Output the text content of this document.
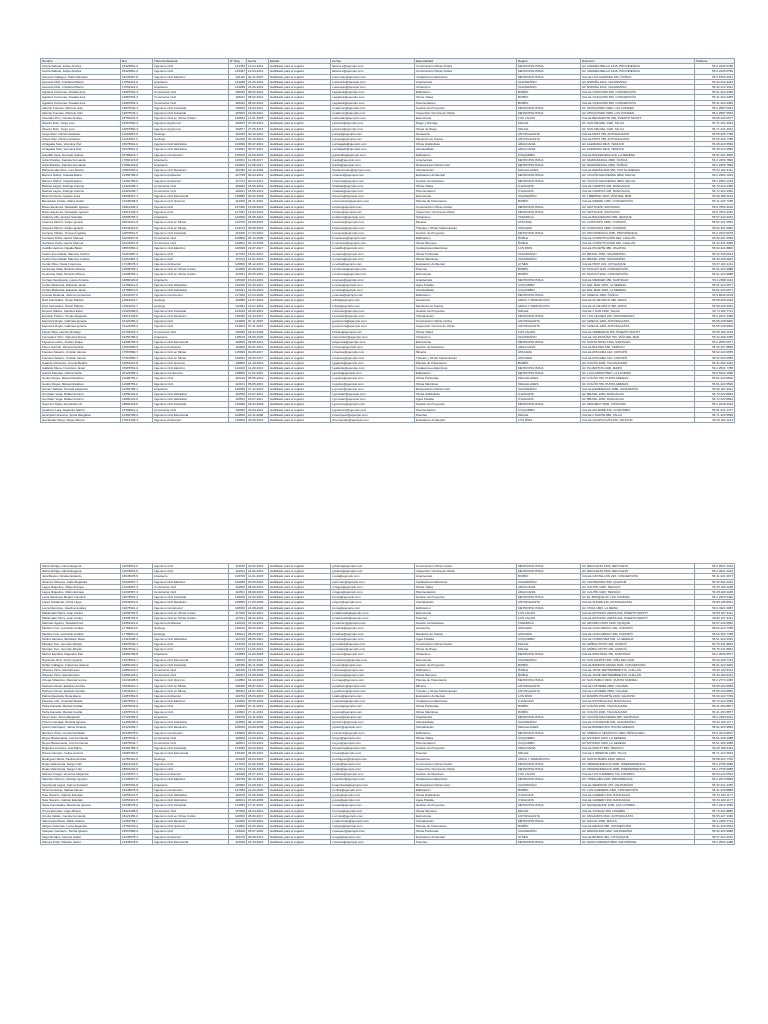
Nombre	Rut	Título Profesional	N° Reg	Fecha	Estado	Correo	Especialidad	Región	Dirección	Teléfono
Acuña Salinas, Felipe Andrés	15423891-2	Ingeniero Civil	123456	12-04-2014	Habilitado para el registro	facuna.s@ejemplo.com	Construcción Obras Civiles	METROPOLITANA	AV. ANDRÉS BELLO 1245, PROVIDENCIA	56 2 2345 6789
Acuña Salinas, Felipe Andrés	15423891-2	Ingeniero Civil	123457	12-04-2014	Habilitado para el registro	facuna.s@ejemplo.com	Construcción Obras Civiles	METROPOLITANA	AV. ANDRÉS BELLO 1245, PROVIDENCIA	56 2 2345 6789
Acevedo Gallegos, Pablo Eduardo	16234567-8	Ingeniero Civil Eléctrico	124110	03-11-2015	Habilitado para el registro	p.acevedo@ejemplo.com	Instalaciones Eléctricas	METROPOLITANA	CALLE LOS ALERCES 332, ÑUÑOA	56 9 8765 4321
Acevedo Moll, Cristóbal Alberto	17654321-0	Arquitecto	124288	21-06-2016	Habilitado para el registro	c.acevedo@ejemplo.com	Arquitectura	VALPARAÍSO	AV. ESPAÑA 2210, VALPARAÍSO	56 32 212 3344
Acevedo Moll, Cristóbal Alberto	17654321-0	Arquitecto	124289	21-06-2016	Habilitado para el registro	c.acevedo@ejemplo.com	Urbanismo	VALPARAÍSO	AV. ESPAÑA 2210, VALPARAÍSO	56 32 212 3344
Aguilera Contreras, Rosalía Inés	13987654-3	Constructor Civil	118230	08-02-2012	Habilitado para el registro	r.aguilera@ejemplo.com	Edificación	BIOBÍO	CALLE O'HIGGINS 845, CONCEPCIÓN	56 41 223 4455
Aguilera Contreras, Rosalía Inés	13987654-3	Constructor Civil	118231	08-02-2012	Habilitado para el registro	r.aguilera@ejemplo.com	Obras Viales	BIOBÍO	CALLE O'HIGGINS 845, CONCEPCIÓN	56 41 223 4455
Aguilera Contreras, Rosalía Inés	13987654-3	Constructor Civil	118232	08-02-2012	Habilitado para el registro	r.aguilera@ejemplo.com	Pavimentación	BIOBÍO	CALLE O'HIGGINS 845, CONCEPCIÓN	56 41 223 4455
Alarcón Fuentes, Marcelo Iván	12876543-1	Ingeniero Civil Industrial	115002	19-09-2011	Habilitado para el registro	m.alarcon@ejemplo.com	Gestión de Proyectos	METROPOLITANA	AV. APOQUINDO 3000, LAS CONDES	56 2 2987 6543
Alarcón Fuentes, Marcelo Iván	12876543-1	Ingeniero Civil Industrial	115003	19-09-2011	Habilitado para el registro	m.alarcon@ejemplo.com	Inspección Técnica de Obras	METROPOLITANA	AV. APOQUINDO 3000, LAS CONDES	56 2 2987 6543
Alvarado Pino, Camila Andrea	18765432-5	Ingeniero Civil en Obras Civiles	126540	14-01-2018	Habilitado para el registro	c.alvarado@ejemplo.com	Estructuras	LOS LAGOS	CALLE BENAVENTE 560, PUERTO MONTT	56 65 225 6677
Álvarez Ruiz, Jorge Luis	14567890-4	Ingeniero Agrónomo	119876	27-05-2013	Habilitado para el registro	j.alvarez@ejemplo.com	Riego y Drenaje	MAULE	AV. SAN MIGUEL 1420, TALCA	56 71 221 3344
Álvarez Ruiz, Jorge Luis	14567890-4	Ingeniero Agrónomo	119877	27-05-2013	Habilitado para el registro	j.alvarez@ejemplo.com	Obras de Riego	MAULE	AV. SAN MIGUEL 1420, TALCA	56 71 221 3344
Araya Díaz, Patricio Esteban	11234567-9	Geólogo	112345	30-10-2010	Habilitado para el registro	p.araya@ejemplo.com	Geotecnia	ANTOFAGASTA	CALLE PRAT 780, ANTOFAGASTA	56 55 226 7788
Araya Díaz, Patricio Esteban	11234567-9	Geólogo	112346	30-10-2010	Habilitado para el registro	p.araya@ejemplo.com	Mecánica de Suelos	ANTOFAGASTA	CALLE PRAT 780, ANTOFAGASTA	56 55 226 7788
Arriagada Soto, Verónica Paz	15678901-6	Ingeniero Civil Hidráulico	123990	05-07-2014	Habilitado para el registro	v.arriagada@ejemplo.com	Obras Hidráulicas	ARAUCANÍA	AV. ALEMANIA 0915, TEMUCO	56 45 224 5566
Arriagada Soto, Verónica Paz	15678901-6	Ingeniero Civil Hidráulico	123991	05-07-2014	Habilitado para el registro	v.arriagada@ejemplo.com	Alcantarillado	ARAUCANÍA	AV. ALEMANIA 0915, TEMUCO	56 45 224 5566
Astudillo Vera, Gonzalo Andrés	16789012-7	Ingeniero Constructor	125100	22-03-2016	Habilitado para el registro	g.astudillo@ejemplo.com	Edificación	COQUIMBO	CALLE BALMACEDA 410, LA SERENA	56 51 221 9900
Ávila Morales, Daniela Fernanda	17890123-8	Arquitecto	126001	11-08-2017	Habilitado para el registro	d.avila@ejemplo.com	Arquitectura	METROPOLITANA	AV. IRARRÁZAVAL 2800, ÑUÑOA	56 2 2456 7890
Ávila Morales, Daniela Fernanda	17890123-8	Arquitecto	126002	11-08-2017	Habilitado para el registro	d.avila@ejemplo.com	Restauración Patrimonial	METROPOLITANA	AV. IRARRÁZAVAL 2800, ÑUÑOA	56 2 2456 7890
Bahamondes Ríos, Luis Alberto	10987654-2	Ingeniero Civil Mecánico	110450	16-12-2009	Habilitado para el registro	l.bahamondes@ejemplo.com	Climatización	MAGALLANES	CALLE ERRÁZURIZ 950, PUNTA ARENAS	56 61 222 3311
Barrera Núñez, Claudia Elena	13456789-0	Ingeniero Ambiental	117700	09-04-2012	Habilitado para el registro	c.barrera@ejemplo.com	Evaluación Ambiental	METROPOLITANA	AV. VICUÑA MACKENNA 4860, MACUL	56 2 2354 1234
Barrera Núñez, Claudia Elena	13456789-0	Ingeniero Ambiental	117701	09-04-2012	Habilitado para el registro	c.barrera@ejemplo.com	Gestión de Residuos	METROPOLITANA	AV. VICUÑA MACKENNA 4860, MACUL	56 2 2354 1234
Bastías Lagos, Rodrigo Antonio	14321098-7	Constructor Civil	119020	18-06-2013	Habilitado para el registro	r.bastias@ejemplo.com	Obras Viales	O'HIGGINS	CALLE CAMPOS 345, RANCAGUA	56 72 223 4466
Bastías Lagos, Rodrigo Antonio	14321098-7	Constructor Civil	119021	18-06-2013	Habilitado para el registro	r.bastias@ejemplo.com	Pavimentación	O'HIGGINS	CALLE CAMPOS 345, RANCAGUA	56 72 223 4466
Becerra Torres, Ignacio José	18234567-1	Ingeniero Civil Estructural	126880	02-02-2018	Habilitado para el registro	i.becerra@ejemplo.com	Estructuras	VALPARAÍSO	AV. LIBERTAD 1100, VIÑA DEL MAR	56 32 268 1122
Benavides Cortés, Marta Isabel	12345098-6	Ingeniero Civil Químico	114300	25-11-2010	Habilitado para el registro	m.benavides@ejemplo.com	Plantas de Tratamiento	BIOBÍO	CALLE FREIRE 1250, CONCEPCIÓN	56 41 225 7788
Bravo Espinoza, Sebastián Ignacio	19012345-3	Ingeniero Civil	127450	13-09-2019	Habilitado para el registro	s.bravo@ejemplo.com	Construcción Obras Civiles	METROPOLITANA	AV. MATTA 820, SANTIAGO	56 9 7654 3210
Bravo Espinoza, Sebastián Ignacio	19012345-3	Ingeniero Civil	127451	13-09-2019	Habilitado para el registro	s.bravo@ejemplo.com	Inspección Técnica de Obras	METROPOLITANA	AV. MATTA 820, SANTIAGO	56 9 7654 3210
Cabrera Lillo, Andrea Soledad	15098765-4	Arquitecto	122900	04-05-2014	Habilitado para el registro	a.cabrera@ejemplo.com	Urbanismo	TARAPACÁ	CALLE BAQUEDANO 560, IQUIQUE	56 57 242 3344
Cáceres Muñoz, Felipe Ignacio	16543210-9	Ingeniero Civil en Minas	124700	29-08-2015	Habilitado para el registro	f.caceres@ejemplo.com	Minería	ATACAMA	AV. COPAYAPU 1880, COPIAPÓ	56 52 221 5566
Cáceres Muñoz, Felipe Ignacio	16543210-9	Ingeniero Civil en Minas	124701	29-08-2015	Habilitado para el registro	f.caceres@ejemplo.com	Túneles y Obras Subterráneas	ATACAMA	AV. COPAYAPU 1880, COPIAPÓ	56 52 221 5566
Campos Valdés, Teresa Angélica	11876543-5	Ingeniero Civil Industrial	113400	17-03-2010	Habilitado para el registro	t.campos@ejemplo.com	Gestión de Proyectos	METROPOLITANA	AV. PROVIDENCIA 1650, PROVIDENCIA	56 2 2234 5678
Carrasco Peña, Héctor Manuel	10234567-8	Constructor Civil	109800	06-10-2009	Habilitado para el registro	h.carrasco@ejemplo.com	Edificación	ÑUBLE	CALLE CONSTITUCIÓN 640, CHILLÁN	56 42 221 3399
Carrasco Peña, Héctor Manuel	10234567-8	Constructor Civil	109801	06-10-2009	Habilitado para el registro	h.carrasco@ejemplo.com	Obras Menores	ÑUBLE	CALLE CONSTITUCIÓN 640, CHILLÁN	56 42 221 3399
Castillo Herrera, Natalia Belén	18567890-2	Ingeniero Civil Eléctrico	126300	23-07-2017	Habilitado para el registro	n.castillo@ejemplo.com	Instalaciones Eléctricas	LOS RÍOS	CALLE PICARTE 980, VALDIVIA	56 63 221 8800
Castro Fuenzalida, Mauricio Andrés	13210987-4	Ingeniero Civil	117010	14-01-2012	Habilitado para el registro	m.castro@ejemplo.com	Obras Portuarias	VALPARAÍSO	AV. BRASIL 1550, VALPARAÍSO	56 32 225 6644
Castro Fuenzalida, Mauricio Andrés	13210987-4	Ingeniero Civil	117011	14-01-2012	Habilitado para el registro	m.castro@ejemplo.com	Obras Marítimas	VALPARAÍSO	AV. BRASIL 1550, VALPARAÍSO	56 32 225 6644
Cerda Ulloa, Paula Francisca	17345678-3	Ingeniero Ambiental	125800	08-12-2016	Habilitado para el registro	p.cerda@ejemplo.com	Evaluación Ambiental	AYSÉN	CALLE PRAT 210, COYHAIQUE	56 67 223 4411
Contreras Vidal, Ricardo Alfonso	12098765-1	Ingeniero Civil en Obras Civiles	114050	20-06-2010	Habilitado para el registro	r.contreras@ejemplo.com	Puentes	BIOBÍO	AV. PAICAVÍ 1120, CONCEPCIÓN	56 41 224 9988
Contreras Vidal, Ricardo Alfonso	12098765-1	Ingeniero Civil en Obras Civiles	114051	20-06-2010	Habilitado para el registro	r.contreras@ejemplo.com	Estructuras	BIOBÍO	AV. PAICAVÍ 1120, CONCEPCIÓN	56 41 224 9988
Cornejo Sepúlveda, Loreto Antonia	16890123-0	Arquitecto	125320	15-04-2016	Habilitado para el registro	l.cornejo@ejemplo.com	Arquitectura	METROPOLITANA	CALLE MERCED 450, SANTIAGO	56 2 2638 1122
Cortés Maturana, Eduardo Javier	14789012-5	Ingeniero Civil Hidráulico	120330	01-09-2013	Habilitado para el registro	e.cortes@ejemplo.com	Agua Potable	COQUIMBO	AV. DEL MAR 3400, LA SERENA	56 51 224 6677
Cortés Maturana, Eduardo Javier	14789012-5	Ingeniero Civil Hidráulico	120331	01-09-2013	Habilitado para el registro	e.cortes@ejemplo.com	Alcantarillado	COQUIMBO	AV. DEL MAR 3400, LA SERENA	56 51 224 6677
Cuevas Retamal, Javiera Constanza	19234567-6	Ingeniero Constructor	127900	10-03-2020	Habilitado para el registro	j.cuevas@ejemplo.com	Edificación	METROPOLITANA	AV. GRECIA 1900, ÑUÑOA	56 9 6543 2109
Díaz Fernández, Óscar Patricio	11543210-7	Geólogo	112980	12-07-2010	Habilitado para el registro	o.diaz@ejemplo.com	Geotecnia	ARICA Y PARINACOTA	CALLE 21 DE MAYO 390, ARICA	56 58 225 3344
Díaz Fernández, Óscar Patricio	11543210-7	Geólogo	112981	12-07-2010	Habilitado para el registro	o.diaz@ejemplo.com	Mecánica de Suelos	ARICA Y PARINACOTA	CALLE 21 DE MAYO 390, ARICA	56 58 225 3344
Donoso Ibáñez, Carolina Ester	15321098-9	Ingeniero Civil Industrial	123210	26-02-2014	Habilitado para el registro	c.donoso@ejemplo.com	Gestión de Proyectos	MAULE	CALLE 1 SUR 1290, TALCA	56 71 222 7711
Escobar Pizarro, Tomás Alejandro	18012345-8	Ingeniero Civil Mecánico	126450	19-10-2017	Habilitado para el registro	t.escobar@ejemplo.com	Climatización	METROPOLITANA	AV. LOS LEONES 220, PROVIDENCIA	56 2 2231 4455
Espinoza Rojas, Gabriela Ignacia	16123456-2	Ingeniero Civil	124900	07-11-2015	Habilitado para el registro	g.espinoza@ejemplo.com	Construcción Obras Civiles	ANTOFAGASTA	AV. GRECIA 1200, ANTOFAGASTA	56 55 228 9900
Espinoza Rojas, Gabriela Ignacia	16123456-2	Ingeniero Civil	124901	07-11-2015	Habilitado para el registro	g.espinoza@ejemplo.com	Inspección Técnica de Obras	ANTOFAGASTA	AV. GRECIA 1200, ANTOFAGASTA	56 55 228 9900
Farías Silva, Hernán Rodrigo	10765432-1	Constructor Civil	110020	28-04-2009	Habilitado para el registro	h.farias@ejemplo.com	Obras Viales	LOS LAGOS	CALLE URMENETA 455, PUERTO MONTT	56 65 226 1133
Fernández Ortiz, Valentina Rocío	19456789-0	Arquitecto	128100	18-06-2020	Habilitado para el registro	v.fernandez@ejemplo.com	Urbanismo	VALPARAÍSO	CALLE VALPARAÍSO 700, VIÑA DEL MAR	56 32 269 4455
Figueroa Lobos, Andrés Felipe	14098765-3	Ingeniero Civil Estructural	119500	09-08-2013	Habilitado para el registro	a.figueroa@ejemplo.com	Estructuras	METROPOLITANA	AV. SANTA ROSA 1300, SANTIAGO	56 2 2555 6677
Flores Garrido, Mónica Patricia	12567890-5	Ingeniero Ambiental	114800	30-01-2011	Habilitado para el registro	m.flores@ejemplo.com	Gestión de Residuos	ARAUCANÍA	CALLE BULNES 560, TEMUCO	56 45 227 8899
Fuentes Navarro, Cristián Alonso	17567890-7	Ingeniero Civil en Minas	125990	03-05-2017	Habilitado para el registro	c.fuentes@ejemplo.com	Minería	ATACAMA	CALLE ATACAMA 410, COPIAPÓ	56 52 223 6655
Fuentes Navarro, Cristián Alonso	17567890-7	Ingeniero Civil en Minas	125991	03-05-2017	Habilitado para el registro	c.fuentes@ejemplo.com	Túneles y Obras Subterráneas	ATACAMA	CALLE ATACAMA 410, COPIAPÓ	56 52 223 6655
Gajardo Cifuentes, Lorena Beatriz	13654321-8	Ingeniero Civil Químico	118800	21-10-2012	Habilitado para el registro	l.gajardo@ejemplo.com	Plantas de Tratamiento	BIOBÍO	AV. COLÓN 3200, TALCAHUANO	56 41 254 3322
Gallardo Mena, Francisco Javier	15987654-0	Ingeniero Civil Eléctrico	124020	14-09-2014	Habilitado para el registro	f.gallardo@ejemplo.com	Instalaciones Eléctricas	METROPOLITANA	AV. PAJARITOS 2400, MAIPÚ	56 2 2531 7788
García Paredes, Isidora Sofía	20123456-4	Ingeniero Constructor	128600	11-02-2021	Habilitado para el registro	i.garcia@ejemplo.com	Edificación	METROPOLITANA	AV. LA FLORIDA 9500, LA FLORIDA	56 9 5432 1098
Godoy Reyes, Manuel Esteban	11098765-2	Ingeniero Civil	112100	05-05-2010	Habilitado para el registro	m.godoy@ejemplo.com	Obras Portuarias	MAGALLANES	AV. COLÓN 780, PUNTA ARENAS	56 61 224 5500
Godoy Reyes, Manuel Esteban	11098765-2	Ingeniero Civil	112101	05-05-2010	Habilitado para el registro	m.godoy@ejemplo.com	Obras Marítimas	MAGALLANES	AV. COLÓN 780, PUNTA ARENAS	56 61 224 5500
Gómez Salazar, Pamela Alejandra	16456789-1	Arquitecto	125050	27-12-2015	Habilitado para el registro	p.gomez@ejemplo.com	Restauración Patrimonial	VALPARAÍSO	CALLE ESMERALDA 1080, VALPARAÍSO	56 32 221 9911
González Vega, Rafael Antonio	12890123-6	Ingeniero Civil Hidráulico	115500	16-07-2011	Habilitado para el registro	r.gonzalez@ejemplo.com	Obras Hidráulicas	O'HIGGINS	AV. BRASIL 1050, RANCAGUA	56 72 222 8844
González Vega, Rafael Antonio	12890123-6	Ingeniero Civil Hidráulico	115501	16-07-2011	Habilitado para el registro	r.gonzalez@ejemplo.com	Agua Potable	O'HIGGINS	AV. BRASIL 1050, RANCAGUA	56 72 222 8844
Guerrero Tapia, Fernanda Luz	18890123-9	Ingeniero Civil Industrial	126990	04-04-2018	Habilitado para el registro	f.guerrero@ejemplo.com	Gestión de Proyectos	METROPOLITANA	AV. KENNEDY 5600, VITACURA	56 2 2218 3344
Gutiérrez Lara, Alejandro Martín	13789012-2	Constructor Civil	118050	23-03-2012	Habilitado para el registro	a.gutierrez@ejemplo.com	Pavimentación	COQUIMBO	CALLE AGUIRRE 330, COQUIMBO	56 51 231 4477
Henríquez Aravena, Sonia Margarita	10456789-3	Ingeniero Civil Estructural	109500	10-11-2008	Habilitado para el registro	s.henriquez@ejemplo.com	Puentes	MAULE	CALLE 2 NORTE 880, TALCA	56 71 223 5599
Hernández Moya, Diego Alberto	17012345-4	Ingeniero Ambiental	125600	29-09-2016	Habilitado para el registro	d.hernandez@ejemplo.com	Evaluación Ambiental	LOS RÍOS	CALLE CAUPOLICÁN 450, VALDIVIA	56 63 222 1144
Ibarra Zúñiga, Gloria Eugenia	11678901-0	Ingeniero Civil	113010	22-02-2010	Habilitado para el registro	g.ibarra@ejemplo.com	Construcción Obras Civiles	METROPOLITANA	AV. RECOLETA 1500, RECOLETA	56 2 2621 3344
Ibarra Zúñiga, Gloria Eugenia	11678901-0	Ingeniero Civil	113011	22-02-2010	Habilitado para el registro	g.ibarra@ejemplo.com	Inspección Técnica de Obras	METROPOLITANA	AV. RECOLETA 1500, RECOLETA	56 2 2621 3344
Jara Bustos, Nicolás Eduardo	18345678-5	Arquitecto	126700	12-01-2018	Habilitado para el registro	n.jara@ejemplo.com	Arquitectura	BIOBÍO	CALLE CASTELLÓN 230, CONCEPCIÓN	56 41 221 6677
Jiménez Olivares, Carla Alejandra	15234567-7	Ingeniero Civil Eléctrico	123050	30-03-2014	Habilitado para el registro	c.jimenez@ejemplo.com	Instalaciones Eléctricas	VALPARAÍSO	AV. VALPARAÍSO 560, QUILPUÉ	56 32 291 2233
Lagos Riquelme, Mario Enrique	12234567-3	Constructor Civil	114500	08-09-2010	Habilitado para el registro	m.lagos@ejemplo.com	Obras Viales	ARAUCANÍA	AV. CAUTÍN 1400, TEMUCO	56 45 229 1188
Lagos Riquelme, Mario Enrique	12234567-3	Constructor Civil	114501	08-09-2010	Habilitado para el registro	m.lagos@ejemplo.com	Pavimentación	ARAUCANÍA	AV. CAUTÍN 1400, TEMUCO	56 45 229 1188
Leiva Sandoval, Beatriz Carolina	16678901-3	Ingeniero Civil Industrial	125200	19-02-2016	Habilitado para el registro	b.leiva@ejemplo.com	Gestión de Proyectos	METROPOLITANA	AV. EL BOSQUE 90, LAS CONDES	56 2 2333 4499
López Cárdenas, Víctor Hugo	10543210-6	Ingeniero Civil Mecánico	109950	17-05-2009	Habilitado para el registro	v.lopez@ejemplo.com	Climatización	ANTOFAGASTA	CALLE SUCRE 440, ANTOFAGASTA	56 55 225 8811
Lorca Mendoza, Josefina Andrea	19678901-2	Ingeniero Constructor	128300	24-08-2020	Habilitado para el registro	j.lorca@ejemplo.com	Edificación	METROPOLITANA	AV. OSSA 1800, LA REINA	56 9 4321 0987
Maldonado Parra, Juan Carlos	13098765-5	Ingeniero Civil en Obras Civiles	117300	03-02-2012	Habilitado para el registro	j.maldonado@ejemplo.com	Estructuras	LOS LAGOS	CALLE ANTONIO VARAS 620, PUERTO MONTT	56 65 227 3311
Maldonado Parra, Juan Carlos	13098765-5	Ingeniero Civil en Obras Civiles	117301	03-02-2012	Habilitado para el registro	j.maldonado@ejemplo.com	Puentes	LOS LAGOS	CALLE ANTONIO VARAS 620, PUERTO MONTT	56 65 227 3311
Martínez Aguirre, Soledad Inés	14654321-0	Ingeniero Ambiental	120100	15-10-2013	Habilitado para el registro	s.martinez@ejemplo.com	Gestión de Residuos	TARAPACÁ	AV. ARTURO PRAT 2100, IQUIQUE	56 57 243 5566
Medina Cruz, Leonardo Andrés	17789012-6	Geólogo	126100	06-03-2017	Habilitado para el registro	l.medina@ejemplo.com	Geotecnia	ATACAMA	CALLE CHACABUCO 330, COPIAPÓ	56 52 224 7788
Medina Cruz, Leonardo Andrés	17789012-6	Geólogo	126101	06-03-2017	Habilitado para el registro	l.medina@ejemplo.com	Mecánica de Suelos	ATACAMA	CALLE CHACABUCO 330, COPIAPÓ	56 52 224 7788
Molina Santana, Elizabeth Rosa	11321098-4	Ingeniero Civil Hidráulico	112700	28-06-2010	Habilitado para el registro	e.molina@ejemplo.com	Agua Potable	COQUIMBO	CALLE CORDOVEZ 540, LA SERENA	56 51 222 4433
Morales Toro, Germán Alfredo	15876543-1	Ingeniero Civil	123700	11-06-2014	Habilitado para el registro	g.morales@ejemplo.com	Construcción Obras Civiles	MAULE	AV. ANÍBAL PINTO 200, CURICÓ	56 75 231 8822
Morales Toro, Germán Alfredo	15876543-1	Ingeniero Civil	123701	11-06-2014	Habilitado para el registro	g.morales@ejemplo.com	Obras de Riego	MAULE	AV. ANÍBAL PINTO 200, CURICÓ	56 75 231 8822
Muñoz Escobar, Alejandra Paz	18456789-8	Arquitecto	126850	21-03-2018	Habilitado para el registro	a.munoz@ejemplo.com	Urbanismo	METROPOLITANA	CALLE MONJITAS 760, SANTIAGO	56 2 2639 5577
Navarrete Ruiz, Pedro Ignacio	12678901-7	Ingeniero Civil Estructural	115100	09-03-2011	Habilitado para el registro	p.navarrete@ejemplo.com	Estructuras	VALPARAÍSO	AV. SAN MARTÍN 350, VIÑA DEL MAR	56 32 268 7744
Núñez Gallegos, Francisca Javiera	19890123-4	Ingeniero Civil Industrial	128450	30-11-2020	Habilitado para el registro	f.nunez@ejemplo.com	Gestión de Proyectos	BIOBÍO	CALLE BARROS ARANA 1020, CONCEPCIÓN	56 41 222 3300
Olivares Pinto, Raúl Ernesto	10890123-2	Constructor Civil	110300	14-08-2009	Habilitado para el registro	r.olivares@ejemplo.com	Edificación	ÑUBLE	CALLE 18 DE SEPTIEMBRE 570, CHILLÁN	56 42 222 6611
Olivares Pinto, Raúl Ernesto	10890123-2	Constructor Civil	110301	14-08-2009	Habilitado para el registro	r.olivares@ejemplo.com	Obras Menores	ÑUBLE	CALLE 18 DE SEPTIEMBRE 570, CHILLÁN	56 42 222 6611
Ortega Villalobos, Marcela Ivonne	16234098-5	Ingeniero Civil Químico	124850	02-10-2015	Habilitado para el registro	m.ortega@ejemplo.com	Plantas de Tratamiento	METROPOLITANA	AV. SAN PABLO 3900, QUINTA NORMAL	56 2 2773 4455
Pacheco Rivas, Esteban Andrés	13543210-1	Ingeniero Civil en Minas	118400	18-07-2012	Habilitado para el registro	e.pacheco@ejemplo.com	Minería	ANTOFAGASTA	CALLE LATORRE 2500, CALAMA	56 55 234 5566
Pacheco Rivas, Esteban Andrés	13543210-1	Ingeniero Civil en Minas	118401	18-07-2012	Habilitado para el registro	e.pacheco@ejemplo.com	Túneles y Obras Subterráneas	ANTOFAGASTA	CALLE LATORRE 2500, CALAMA	56 55 234 5566
Palma Quezada, Rosa Elena	11987654-6	Ingeniero Ambiental	113700	25-04-2010	Habilitado para el registro	r.palma@ejemplo.com	Evaluación Ambiental	LOS RÍOS	AV. RAMÓN PICARTE 2100, VALDIVIA	56 63 223 7799
Paredes Lillo, Cristóbal Matías	18678901-1	Ingeniero Civil Eléctrico	126920	09-05-2018	Habilitado para el registro	c.paredes@ejemplo.com	Instalaciones Eléctricas	O'HIGGINS	CALLE ASTORGA 610, RANCAGUA	56 72 224 3355
Peña Araneda, Marisol Cecilia	14876543-9	Ingeniero Civil	120600	27-11-2013	Habilitado para el registro	m.pena@ejemplo.com	Obras Portuarias	BIOBÍO	AV. COLÓN 1900, TALCAHUANO	56 41 254 8877
Peña Araneda, Marisol Cecilia	14876543-9	Ingeniero Civil	120601	27-11-2013	Habilitado para el registro	m.pena@ejemplo.com	Obras Marítimas	BIOBÍO	AV. COLÓN 1900, TALCAHUANO	56 41 254 8877
Pérez Soto, Arturo Benjamín	17123456-8	Arquitecto	125700	14-11-2016	Habilitado para el registro	a.perez@ejemplo.com	Arquitectura	METROPOLITANA	AV. VICUÑA MACKENNA 920, SANTIAGO	56 2 2634 2211
Pizarro Carvajal, Daniela Ignacia	12456098-2	Ingeniero Civil Hidráulico	114650	06-12-2010	Habilitado para el registro	d.pizarro@ejemplo.com	Alcantarillado	VALPARAÍSO	CALLE COCHRANE 840, VALPARAÍSO	56 32 225 1177
Quiroz Henríquez, Jaime Octavio	10123456-7	Ingeniero Civil Mecánico	109300	19-09-2008	Habilitado para el registro	j.quiroz@ejemplo.com	Climatización	MAGALLANES	CALLE BORIES 650, PUNTA ARENAS	56 61 224 9933
Ramírez Ávila, Constanza Belén	20345678-0	Ingeniero Constructor	128900	08-04-2021	Habilitado para el registro	c.ramirez@ejemplo.com	Edificación	METROPOLITANA	AV. AMÉRICO VESPUCIO 1500, PEÑALOLÉN	56 9 3210 9876
Reyes Bustamante, Luis Fernando	13876543-7	Constructor Civil	118600	12-09-2012	Habilitado para el registro	l.reyes@ejemplo.com	Obras Viales	COQUIMBO	AV. ESTADIO 1000, LA SERENA	56 51 225 3388
Reyes Bustamante, Luis Fernando	13876543-7	Constructor Civil	118601	12-09-2012	Habilitado para el registro	l.reyes@ejemplo.com	Pavimentación	COQUIMBO	AV. ESTADIO 1000, LA SERENA	56 51 225 3388
Riquelme Fuentes, Ana María	15456789-3	Ingeniero Civil Industrial	123350	20-04-2014	Habilitado para el registro	a.riquelme@ejemplo.com	Gestión de Proyectos	ARAUCANÍA	CALLE MONTT 880, TEMUCO	56 45 228 4411
Rivera Campos, Felipe Antonio	16987654-5	Ingeniero Civil Estructural	125400	05-05-2016	Habilitado para el registro	f.rivera@ejemplo.com	Puentes	MAULE	CALLE 4 ORIENTE 1150, TALCA	56 71 224 6633
Rodríguez Meza, Paulina Andrea	11765432-9	Geólogo	113200	01-04-2010	Habilitado para el registro	p.rodriguez@ejemplo.com	Geotecnia	ARICA Y PARINACOTA	AV. SANTA MARÍA 2200, ARICA	56 58 224 7700
Rojas Valenzuela, Sergio Iván	18901234-6	Ingeniero Civil	127100	16-06-2018	Habilitado para el registro	s.rojas@ejemplo.com	Construcción Obras Civiles	METROPOLITANA	AV. INDEPENDENCIA 1800, INDEPENDENCIA	56 2 2735 6688
Rojas Valenzuela, Sergio Iván	18901234-6	Ingeniero Civil	127101	16-06-2018	Habilitado para el registro	s.rojas@ejemplo.com	Inspección Técnica de Obras	METROPOLITANA	AV. INDEPENDENCIA 1800, INDEPENDENCIA	56 2 2735 6688
Salinas Ortega, Verónica Alejandra	14234567-1	Ingeniero Ambiental	119300	24-07-2013	Habilitado para el registro	v.salinas@ejemplo.com	Gestión de Residuos	LOS LAGOS	CALLE LOS CARRERA 730, OSORNO	56 64 223 5522
Sánchez Moreno, Rodrigo Ignacio	17234567-0	Ingeniero Civil Eléctrico	125750	02-12-2016	Habilitado para el registro	r.sanchez@ejemplo.com	Instalaciones Eléctricas	METROPOLITANA	AV. TOBALABA 2300, PROVIDENCIA	56 2 2274 8899
Sepúlveda Lagos, Karina Soledad	12987654-8	Arquitecto	115800	13-08-2011	Habilitado para el registro	k.sepulveda@ejemplo.com	Restauración Patrimonial	VALPARAÍSO	CALLE SERRANO 470, VALPARAÍSO	56 32 221 4455
Silva Contreras, Matías Alonso	19345678-9	Ingeniero Constructor	127950	21-04-2020	Habilitado para el registro	m.silva@ejemplo.com	Edificación	BIOBÍO	AV. LOS CARRERA 1400, CONCEPCIÓN	56 41 223 8866
Soto Navarro, Gabriel Esteban	10654321-5	Ingeniero Civil Hidráulico	110100	07-06-2009	Habilitado para el registro	g.soto@ejemplo.com	Obras Hidráulicas	O'HIGGINS	CALLE GAMERO 330, RANCAGUA	56 72 223 1177
Soto Navarro, Gabriel Esteban	10654321-5	Ingeniero Civil Hidráulico	110101	07-06-2009	Habilitado para el registro	g.soto@ejemplo.com	Agua Potable	O'HIGGINS	CALLE GAMERO 330, RANCAGUA	56 72 223 1177
Tapia Fuentealba, Macarena Ignacia	16345678-6	Ingeniero Civil Industrial	124950	17-11-2015	Habilitado para el registro	m.tapia@ejemplo.com	Gestión de Proyectos	METROPOLITANA	AV. MANQUEHUE 1200, LAS CONDES	56 2 2212 3366
Torres Escobar, Hugo Alberto	13321098-0	Constructor Civil	117500	26-04-2012	Habilitado para el registro	h.torres@ejemplo.com	Obras Menores	MAULE	CALLE YUNGAY 450, LINARES	56 73 221 8855
Urrutia Valdés, Camila Fernanda	18123456-0	Ingeniero Civil en Obras Civiles	126500	28-09-2017	Habilitado para el registro	c.urrutia@ejemplo.com	Estructuras	ANTOFAGASTA	AV. ANGAMOS 0610, ANTOFAGASTA	56 55 227 4466
Valenzuela Rivas, Pablo Andrés	11456789-1	Ingeniero Civil Mecánico	112900	10-06-2010	Habilitado para el registro	p.valenzuela@ejemplo.com	Climatización	METROPOLITANA	AV. MACUL 2900, MACUL	56 2 2293 7711
Vargas Cisternas, Lucía Alejandra	15765432-2	Ingeniero Civil Químico	123800	22-06-2014	Habilitado para el registro	l.vargas@ejemplo.com	Plantas de Tratamiento	BIOBÍO	CALLE RENGO 980, CONCEPCIÓN	56 41 226 5544
Vásquez Carrasco, Tomás Ignacio	19567890-3	Ingeniero Civil	128200	05-07-2020	Habilitado para el registro	t.vasquez@ejemplo.com	Obras Portuarias	VALPARAÍSO	AV. ERRÁZURIZ 1200, VALPARAÍSO	56 32 225 9988
Vega Morales, Antonia Isabel	14345678-4	Ingeniero Ambiental	119700	30-08-2013	Habilitado para el registro	a.vega@ejemplo.com	Evaluación Ambiental	AYSÉN	CALLE BILBAO 450, COYHAIQUE	56 67 224 3322
Zamora Pinto, Ricardo Javier	12345678-5	Ingeniero Civil Estructural	114200	15-10-2010	Habilitado para el registro	r.zamora@ejemplo.com	Puentes	METROPOLITANA	AV. GRAN AVENIDA 5500, SAN MIGUEL	56 2 2522 4488
